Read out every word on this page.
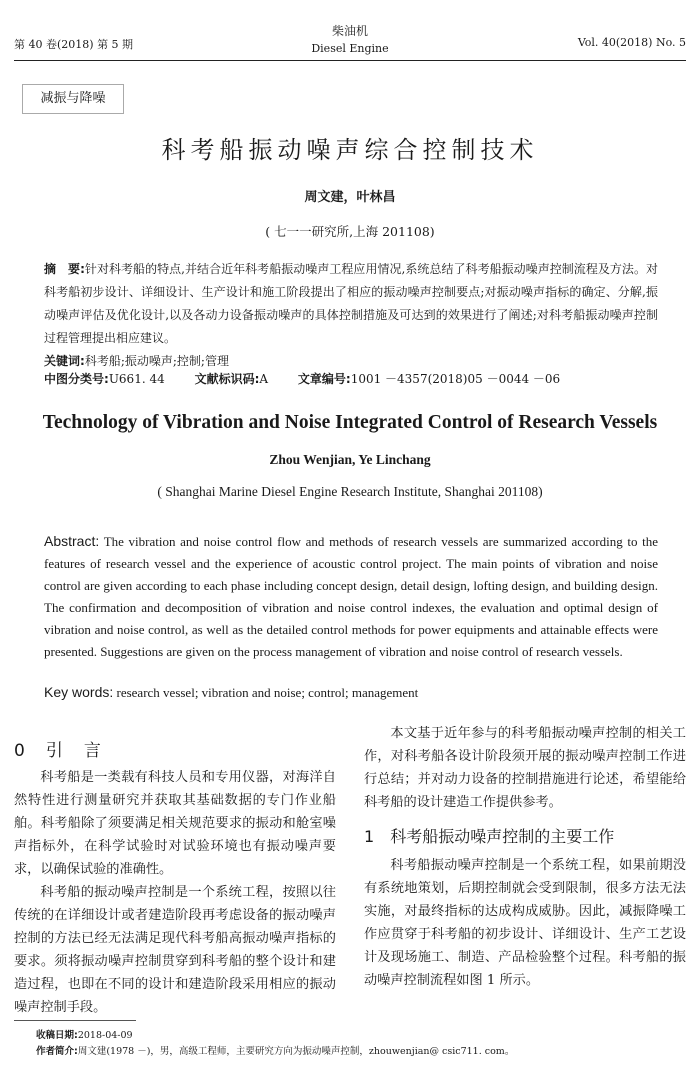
第 40 卷(2018) 第 5 期
柴油机
Diesel Engine	Vol. 40(2018) No. 5
减振与降噪
科考船振动噪声综合控制技术
周文建，叶林昌
( 七一一研究所,上海 201108)
摘　要:针对科考船的特点,并结合近年科考船振动噪声工程应用情况,系统总结了科考船振动噪声控制流程及方法。对科考船初步设计、详细设计、生产设计和施工阶段提出了相应的振动噪声控制要点;对振动噪声指标的确定、分解,振动噪声评估及优化设计,以及各动力设备振动噪声的具体控制措施及可达到的效果进行了阐述;对科考船振动噪声控制过程管理提出相应建议。
关键词:科考船;振动噪声;控制;管理
中图分类号:U661. 44 文献标识码:A 文章编号:1001 －4357(2018)05 －0044 －06
Technology of Vibration and Noise Integrated Control of Research Vessels
Zhou Wenjian, Ye Linchang
( Shanghai Marine Diesel Engine Research Institute, Shanghai 201108)
Abstract: The vibration and noise control flow and methods of research vessels are summarized according to the features of research vessel and the experience of acoustic control project. The main points of vibration and noise control are given according to each phase including concept design, detail design, lofting design, and building design. The confirmation and decomposition of vibration and noise control indexes, the evaluation and optimal design of vibration and noise control, as well as the detailed control methods for power equipments and attainable effects were presented. Suggestions are given on the process management of vibration and noise control of research vessels.
Key words: research vessel; vibration and noise; control; management
0　引　言

科考船是一类载有科技人员和专用仪器，对海洋自然特性进行测量研究并获取其基础数据的专门作业船舶。科考船除了须要满足相关规范要求的振动和舱室噪声指标外，在科学试验时对试验环境也有振动噪声要求，以确保试验的准确性。

科考船的振动噪声控制是一个系统工程，按照以往传统的在详细设计或者建造阶段再考虑设备的振动噪声控制的方法已经无法满足现代科考船高振动噪声指标的要求。须将振动噪声控制贯穿到科考船的整个设计和建造过程，也即在不同的设计和建造阶段采用相应的振动噪声控制手段。

本文基于近年参与的科考船振动噪声控制的相关工作，对科考船各设计阶段须开展的振动噪声控制工作进行总结；并对动力设备的控制措施进行论述，希望能给科考船的设计建造工作提供参考。

1 科考船振动噪声控制的主要工作

科考船振动噪声控制是一个系统工程，如果前期没有系统地策划，后期控制就会受到限制，很多方法无法实施，对最终指标的达成构成威胁。因此，减振降噪工作应贯穿于科考船的初步设计、详细设计、生产工艺设计及现场施工、制造、产品检验整个过程。科考船的振动噪声控制流程如图 1 所示。

收稿日期:2018-04-09
作者简介:周文建(1978 －)，男，高级工程师，主要研究方向为振动噪声控制，zhouwenjian@ csic711. com。
